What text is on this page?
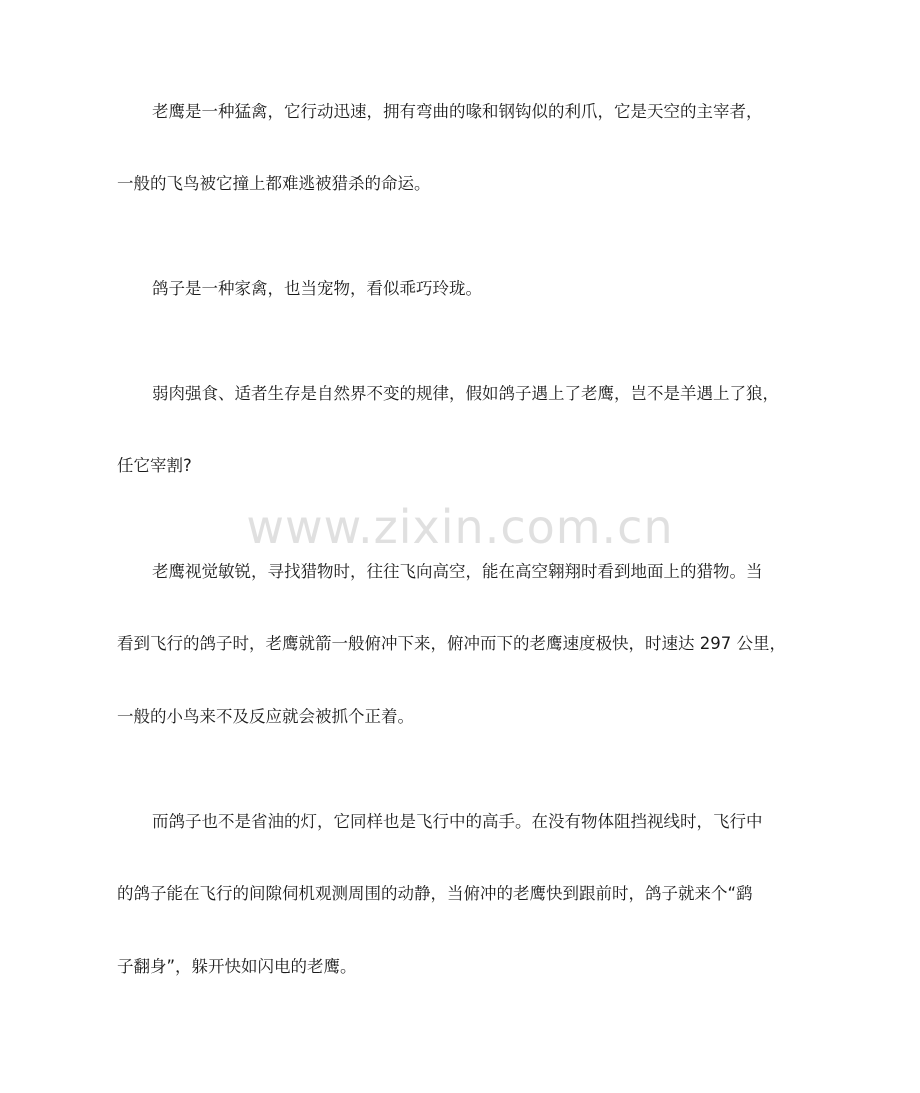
www.zixin.com.cn
老鹰是一种猛禽，它行动迅速，拥有弯曲的喙和钢钩似的利爪，它是天空的主宰者，
一般的飞鸟被它撞上都难逃被猎杀的命运。
鸽子是一种家禽，也当宠物，看似乖巧玲珑。
弱肉强食、适者生存是自然界不变的规律，假如鸽子遇上了老鹰，岂不是羊遇上了狼，
任它宰割?
老鹰视觉敏锐，寻找猎物时，往往飞向高空，能在高空翱翔时看到地面上的猎物。当
看到飞行的鸽子时，老鹰就箭一般俯冲下来，俯冲而下的老鹰速度极快，时速达 297 公里，
一般的小鸟来不及反应就会被抓个正着。
而鸽子也不是省油的灯，它同样也是飞行中的高手。在没有物体阻挡视线时，飞行中
的鸽子能在飞行的间隙伺机观测周围的动静，当俯冲的老鹰快到跟前时，鸽子就来个“鹞
子翻身”，躲开快如闪电的老鹰。
